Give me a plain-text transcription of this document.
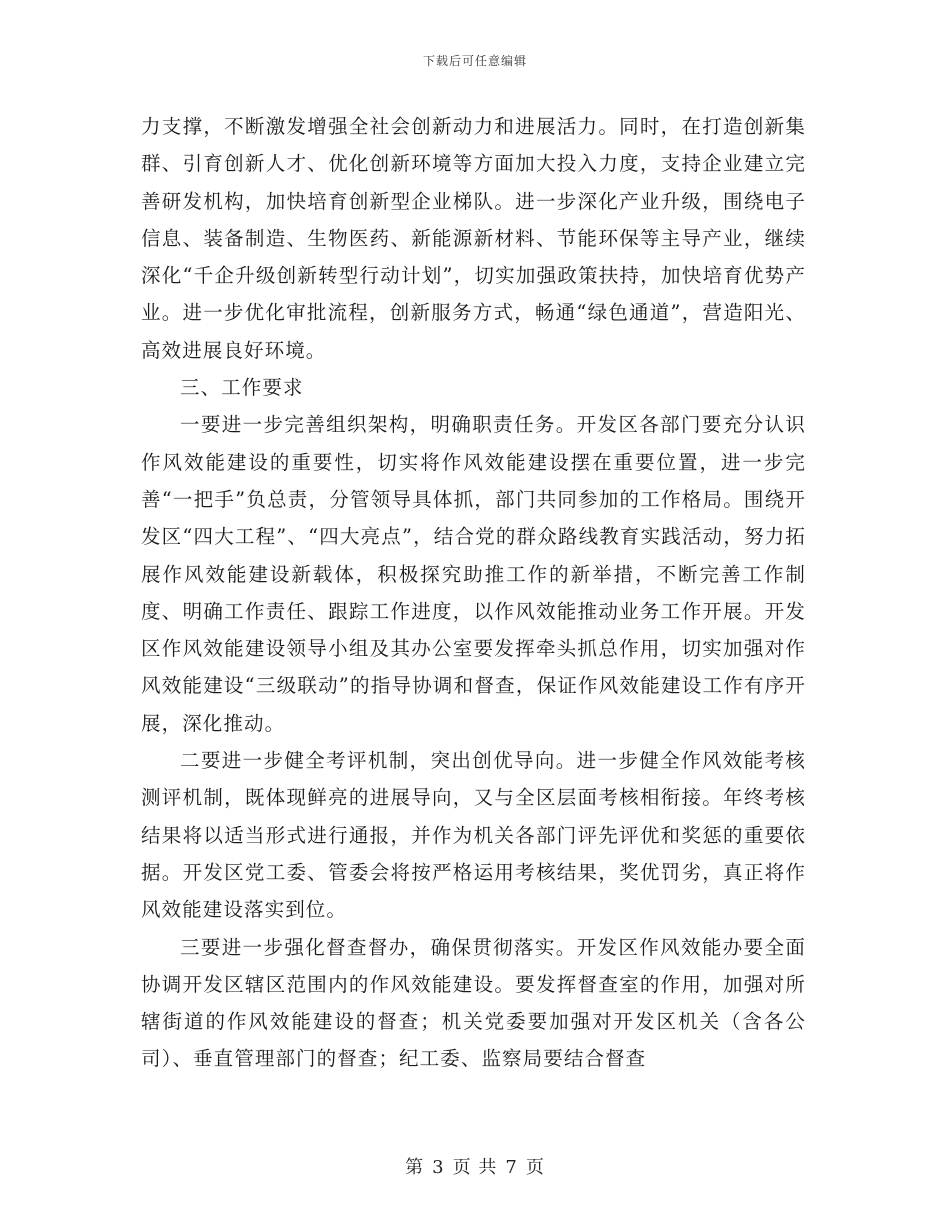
下载后可任意编辑

力支撑，不断激发增强全社会创新动力和进展活力。同时，在打造创新集群、引育创新人才、优化创新环境等方面加大投入力度，支持企业建立完善研发机构，加快培育创新型企业梯队。进一步深化产业升级，围绕电子信息、装备制造、生物医药、新能源新材料、节能环保等主导产业，继续深化“千企升级创新转型行动计划”，切实加强政策扶持，加快培育优势产业。进一步优化审批流程，创新服务方式，畅通“绿色通道”，营造阳光、高效进展良好环境。

三、工作要求

一要进一步完善组织架构，明确职责任务。开发区各部门要充分认识作风效能建设的重要性，切实将作风效能建设摆在重要位置，进一步完善“一把手”负总责，分管领导具体抓，部门共同参加的工作格局。围绕开发区“四大工程”、“四大亮点”，结合党的群众路线教育实践活动，努力拓展作风效能建设新载体，积极探究助推工作的新举措，不断完善工作制度、明确工作责任、跟踪工作进度，以作风效能推动业务工作开展。开发区作风效能建设领导小组及其办公室要发挥牵头抓总作用，切实加强对作风效能建设“三级联动”的指导协调和督查，保证作风效能建设工作有序开展，深化推动。

二要进一步健全考评机制，突出创优导向。进一步健全作风效能考核测评机制，既体现鲜亮的进展导向，又与全区层面考核相衔接。年终考核结果将以适当形式进行通报，并作为机关各部门评先评优和奖惩的重要依据。开发区党工委、管委会将按严格运用考核结果，奖优罚劣，真正将作风效能建设落实到位。

三要进一步强化督查督办，确保贯彻落实。开发区作风效能办要全面协调开发区辖区范围内的作风效能建设。要发挥督查室的作用，加强对所辖街道的作风效能建设的督查；机关党委要加强对开发区机关（含各公司）、垂直管理部门的督查；纪工委、监察局要结合督查

第 3 页 共 7 页
